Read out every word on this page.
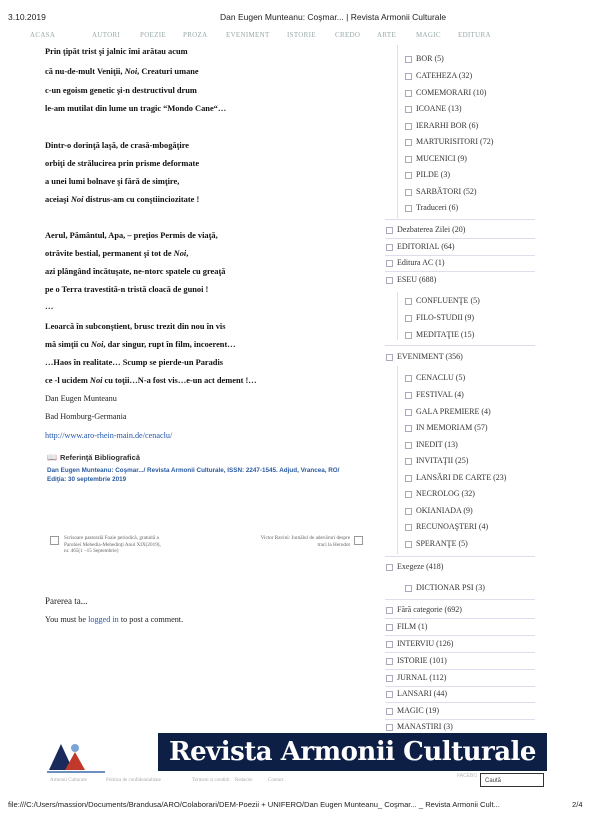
3.10.2019	Dan Eugen Munteanu: Coşmar... | Revista Armonii Culturale
ACASA	AUTORI	POEZIE PROZA	EVENIMENT ISTORIE	CREDO ARTE	MAGIC EDITURA
Prin ţipăt trist şi jalnic îmi arătau acum
că nu-de-mult Veniţii, Noi, Creaturi umane
c-un egoism genetic şi-n destructivul drum
le-am mutilat din lume un tragic “Mondo Cane“…
Dintr-o dorinţă laşă, de crasă-mbogăţire
orbiţi de strălucirea prin prisme deformate
a unei lumi bolnave şi fără de simţire,
aceiaşi Noi distrus-am cu conştiinciozitate !
Aerul, Pământul, Apa, – preţios Permis de viaţă,
otrăvite bestial, permanent şi tot de Noi,
azi plângând încătuşate, ne-ntorc spatele cu greaţă
pe o Terra travestită-n tristă cloacă de gunoi !
…
Leoarcă în subconştient, brusc trezit din nou în vis
mă simţii cu Noi, dar singur, rupt în film, incoerent…
…Haos în realitate… Scump se pierde-un Paradis
ce -l ucidem Noi cu toţii…N-a fost vis…e-un act dement !…
Dan Eugen Munteanu
Bad Homburg-Germania
http://www.aro-rhein-main.de/cenaclu/
📖 Referinţă Bibliografică
Dan Eugen Munteanu: Coşmar.../ Revista Armonii Culturale, ISSN: 2247-1545. Adjud, Vrancea, RO/
Ediţia: 30 septembrie 2019
Scrisoare pastorală Foaie periodică, gratuită a
Parohiei Mehedia-Mehedinţi Anul XIX(2019),
nr. 465(1 –15 Septembrie)
Victor Ravini: Jurnălul de adevăruri despre
traci la Herodot
Parerea ta...
You must be logged in to post a comment.
BOR (5)
CATEHEZA (32)
COMEMORARI (10)
ICOANE (13)
IERARHI BOR (6)
MARTURISITORI (72)
MUCENICI (9)
PILDE (3)
SARBĂTORI (52)
Traduceri (6)
Dezbaterea Zilei (20)
EDITORIAL (64)
Editura AC (1)
ESEU (688)
CONFLUENŢE (5)
FILO-STUDII (9)
MEDITAŢIE (15)
EVENIMENT (356)
CENACLU (5)
FESTIVAL (4)
GALA PREMIERE (4)
IN MEMORIAM (57)
INEDIT (13)
INVITAŢII (25)
LANSĂRI DE CARTE (23)
NECROLOG (32)
OKIANIADA (9)
RECUNOAŞTERI (4)
SPERANŢE (5)
Exegeze (418)
DICTIONAR PSI (3)
Fără categorie (692)
FILM (1)
INTERVIU (126)
ISTORIE (101)
JURNAL (112)
LANSARI (44)
MAGIC (19)
MANASTIRI (3)
Revista Armonii Culturale
Armonii Culturale	Politica de confidentialitate	Termeni si conditii Redactie	Contact
FACEBO
Caută
file:///C:/Users/massion/Documents/Brandusa/ARO/Colaborari/DEM-Poezii + UNIFERO/Dan Eugen Munteanu_ Coşmar... _ Revista Armonii Cult...	2/4
